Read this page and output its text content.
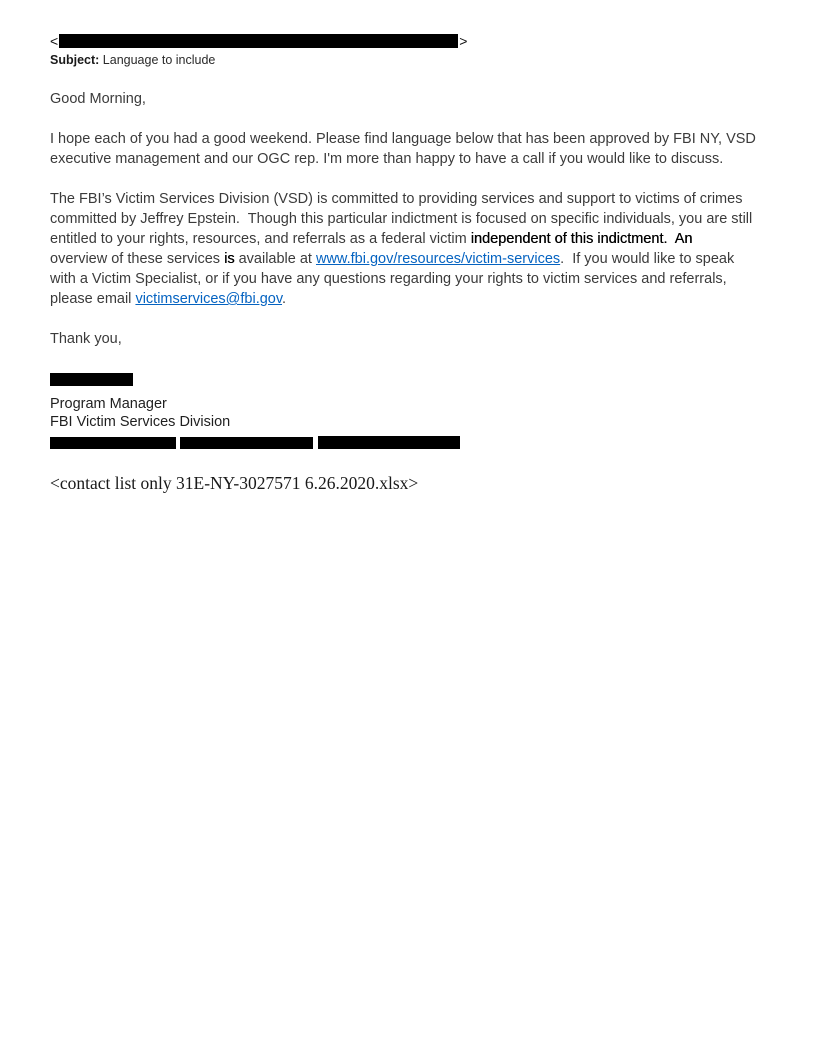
<	>
Subject: Language to include
Good Morning,
I hope each of you had a good weekend. Please find language below that has been approved by FBI NY, VSD
executive management and our OGC rep. I'm more than happy to have a call if you would like to discuss.
The FBI’s Victim Services Division (VSD) is committed to providing services and support to victims of crimes
committed by Jeffrey Epstein.  Though this particular indictment is focused on specific individuals, you are still
entitled to your rights, resources, and referrals as a federal victim independent of this indictment.  An
overview of these services is available at www.fbi.gov/resources/victim-services.  If you would like to speak
with a Victim Specialist, or if you have any questions regarding your rights to victim services and referrals,
please email victimservices@fbi.gov.
Thank you,
Program Manager
FBI Victim Services Division

<contact list only 31E-NY-3027571 6.26.2020.xlsx>
